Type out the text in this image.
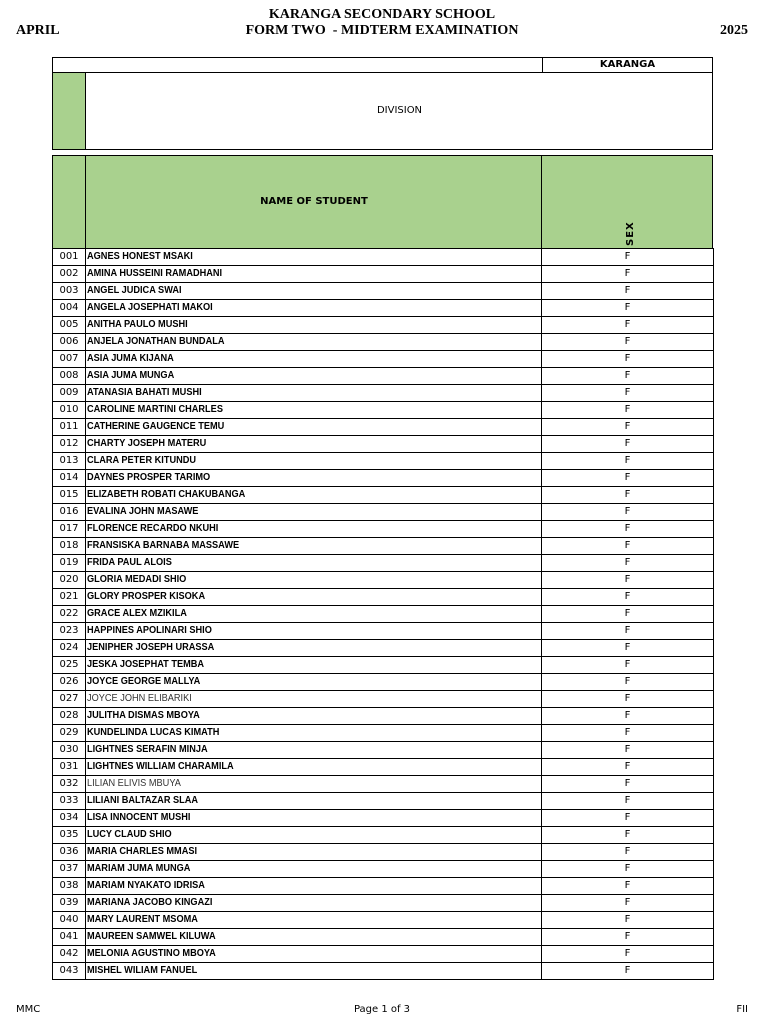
APRIL
KARANGA SECONDARY SCHOOL
FORM TWO  - MIDTERM EXAMINATION	2025
KARANGA
DIVISION
NAME OF STUDENT
SEX
001	AGNES HONEST MSAKI	F
002	AMINA HUSSEINI RAMADHANI	F
003	ANGEL JUDICA SWAI	F
004	ANGELA JOSEPHATI MAKOI	F
005	ANITHA PAULO MUSHI	F
006	ANJELA JONATHAN BUNDALA	F
007	ASIA JUMA KIJANA	F
008	ASIA JUMA MUNGA	F
009	ATANASIA BAHATI MUSHI	F
010	CAROLINE MARTINI CHARLES	F
011	CATHERINE GAUGENCE TEMU	F
012	CHARTY JOSEPH MATERU	F
013	CLARA PETER KITUNDU	F
014	DAYNES PROSPER TARIMO	F
015	ELIZABETH ROBATI CHAKUBANGA	F
016	EVALINA JOHN MASAWE	F
017	FLORENCE RECARDO NKUHI	F
018	FRANSISKA BARNABA MASSAWE	F
019	FRIDA PAUL ALOIS	F
020	GLORIA MEDADI SHIO	F
021	GLORY PROSPER KISOKA	F
022	GRACE ALEX MZIKILA	F
023	HAPPINES APOLINARI SHIO	F
024	JENIPHER JOSEPH URASSA	F
025	JESKA JOSEPHAT TEMBA	F
026	JOYCE GEORGE MALLYA	F
027	JOYCE JOHN ELIBARIKI	F
028	JULITHA DISMAS MBOYA	F
029	KUNDELINDA LUCAS KIMATH	F
030	LIGHTNES SERAFIN MINJA	F
031	LIGHTNES WILLIAM CHARAMILA	F
032	LILIAN ELIVIS MBUYA	F
033	LILIANI BALTAZAR SLAA	F
034	LISA INNOCENT MUSHI	F
035	LUCY CLAUD SHIO	F
036	MARIA CHARLES MMASI	F
037	MARIAM JUMA MUNGA	F
038	MARIAM NYAKATO IDRISA	F
039	MARIANA JACOBO KINGAZI	F
040	MARY LAURENT MSOMA	F
041	MAUREEN SAMWEL KILUWA	F
042	MELONIA AGUSTINO MBOYA	F
043	MISHEL WILIAM FANUEL	F
MMC	Page 1 of 3	FII
